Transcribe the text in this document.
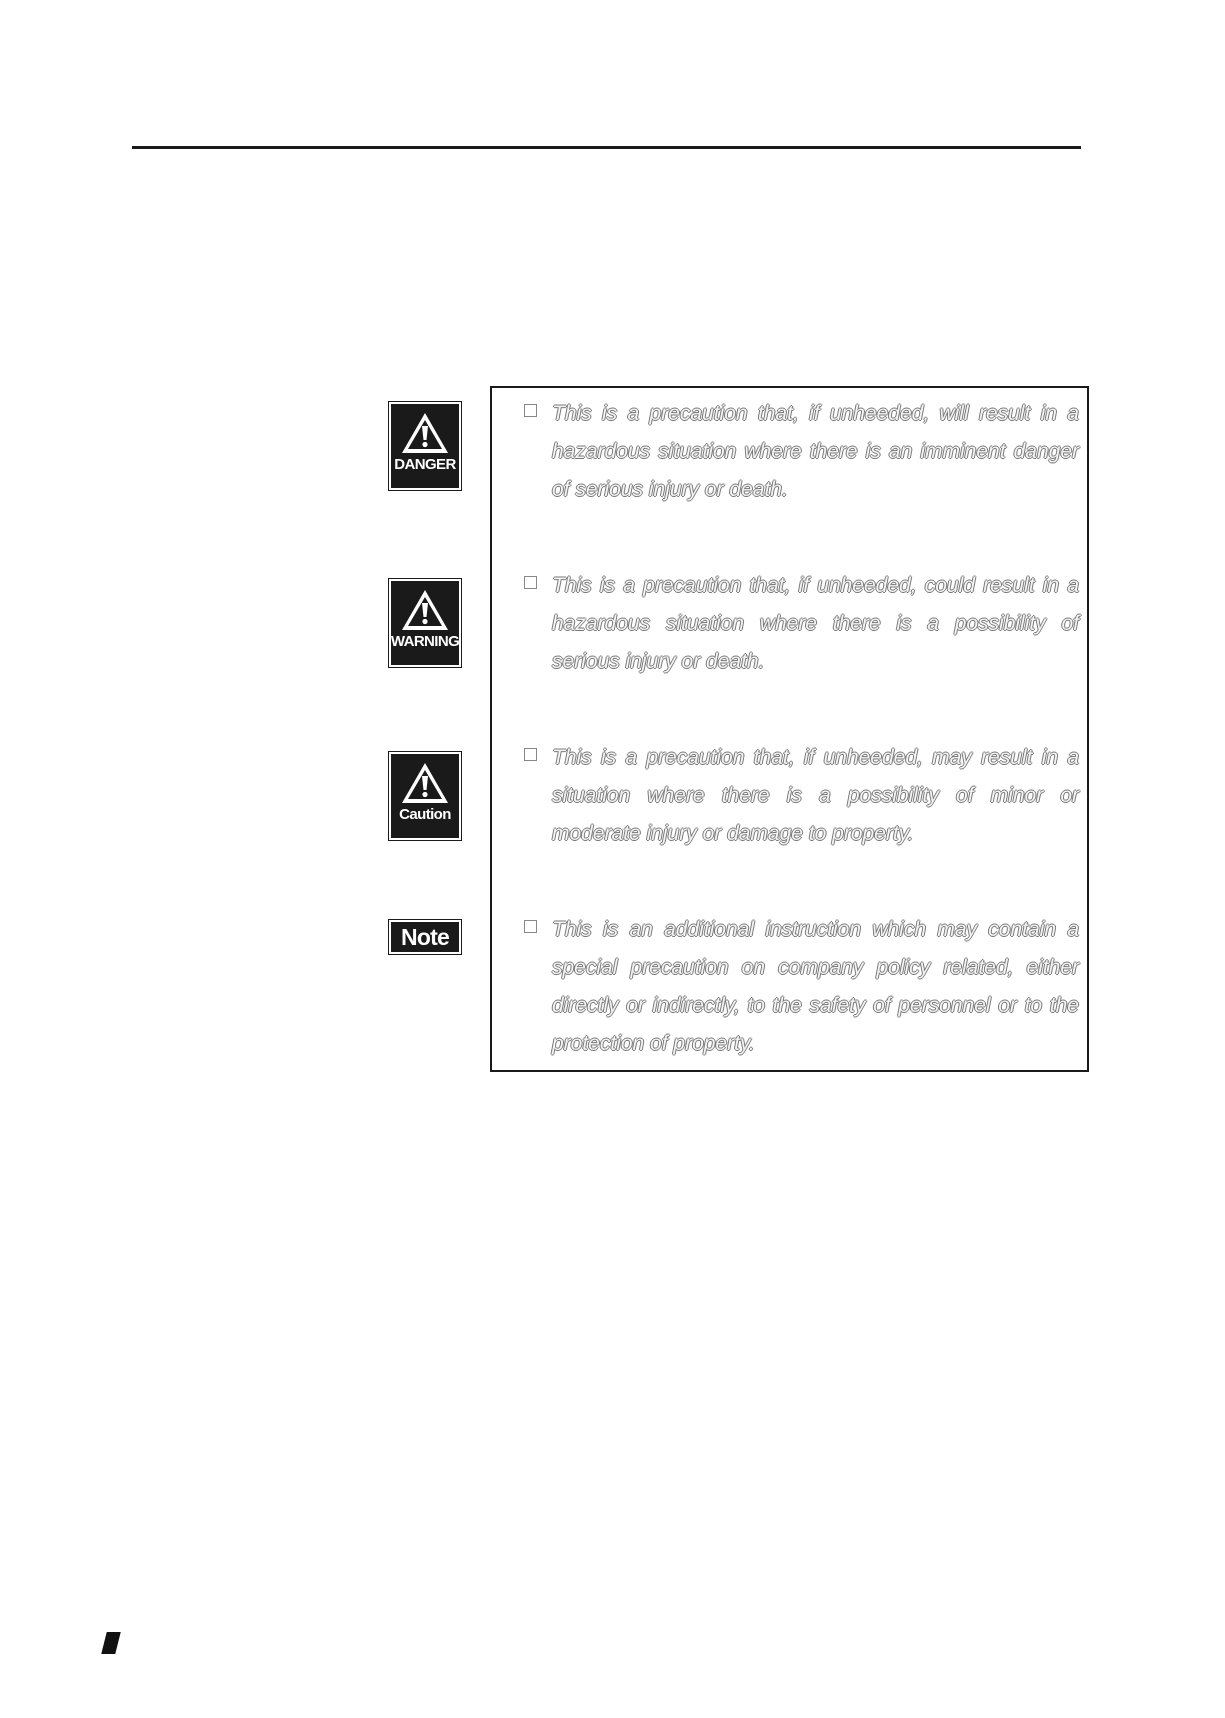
DANGER
WARNING
Caution
Note
This is a precaution that, if unheeded, will result in a hazardous situation where there is an imminent danger of serious injury or death.
This is a precaution that, if unheeded, could result in a hazardous situation where there is a possibility of serious injury or death.
This is a precaution that, if unheeded, may result in a situation where there is a possibility of minor or moderate injury or damage to property.
This is an additional instruction which may contain a special precaution on company policy related, either directly or indirectly, to the safety of personnel or to the protection of property.
